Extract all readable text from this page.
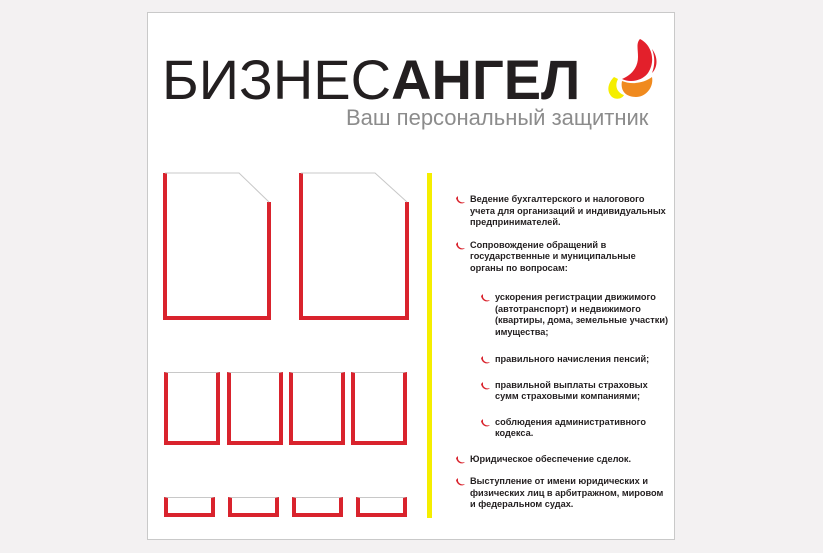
БИЗНЕСАНГЕЛ
Ваш персональный защитник
Ведение бухгалтерского и налогового учета для организаций и индивидуальных предпринимателей.
Сопровождение обращений в государственные и муниципальные органы по вопросам:
ускорения регистрации движимого (автотранспорт) и недвижимого (квартиры, дома, земельные участки) имущества;
правильного начисления пенсий;
правильной выплаты страховых сумм страховыми компаниями;
соблюдения административного кодекса.
Юридическое обеспечение сделок.
Выступление от имени юридических и физических лиц в арбитражном, мировом и федеральном судах.
